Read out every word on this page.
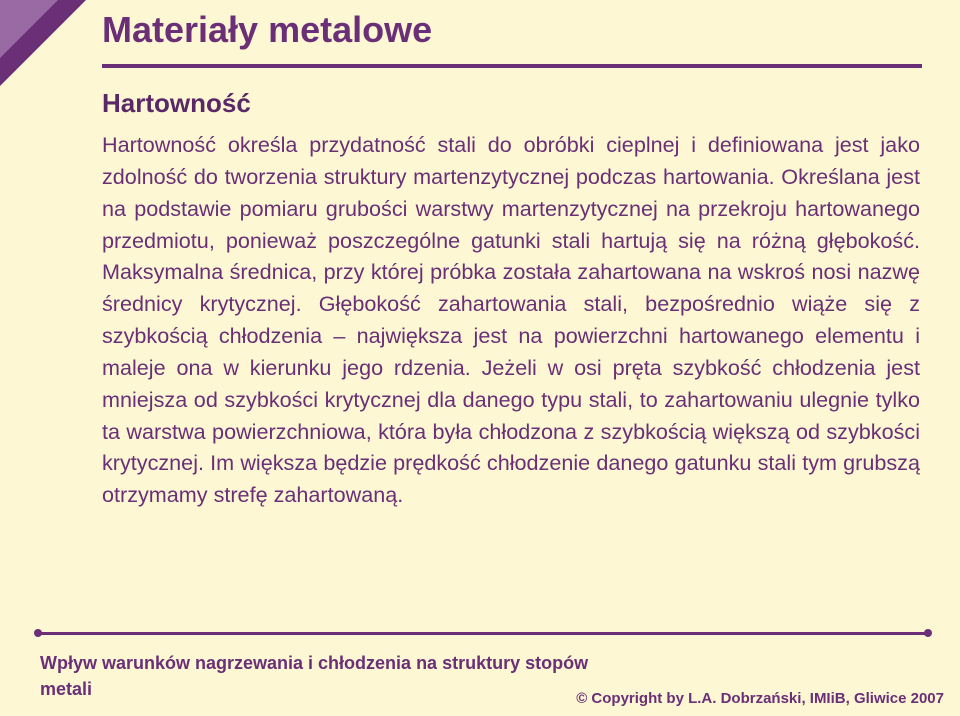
Materiały metalowe
Hartowność

Hartowność określa przydatność stali do obróbki cieplnej i definiowana jest jako zdolność do tworzenia struktury martenzytycznej podczas hartowania. Określana jest na podstawie pomiaru grubości warstwy martenzytycznej na przekroju hartowanego przedmiotu, ponieważ poszczególne gatunki stali hartują się na różną głębokość. Maksymalna średnica, przy której próbka została zahartowana na wskroś nosi nazwę średnicy krytycznej. Głębokość zahartowania stali, bezpośrednio wiąże się z szybkością chłodzenia – największa jest na powierzchni hartowanego elementu i maleje ona w kierunku jego rdzenia. Jeżeli w osi pręta szybkość chłodzenia jest mniejsza od szybkości krytycznej dla danego typu stali, to zahartowaniu ulegnie tylko ta warstwa powierzchniowa, która była chłodzona z szybkością większą od szybkości krytycznej. Im większa będzie prędkość chłodzenie danego gatunku stali tym grubszą otrzymamy strefę zahartowaną.

Wpływ warunków nagrzewania i chłodzenia na struktury stopów metali	© Copyright by L.A. Dobrzański, IMIiB, Gliwice 2007
